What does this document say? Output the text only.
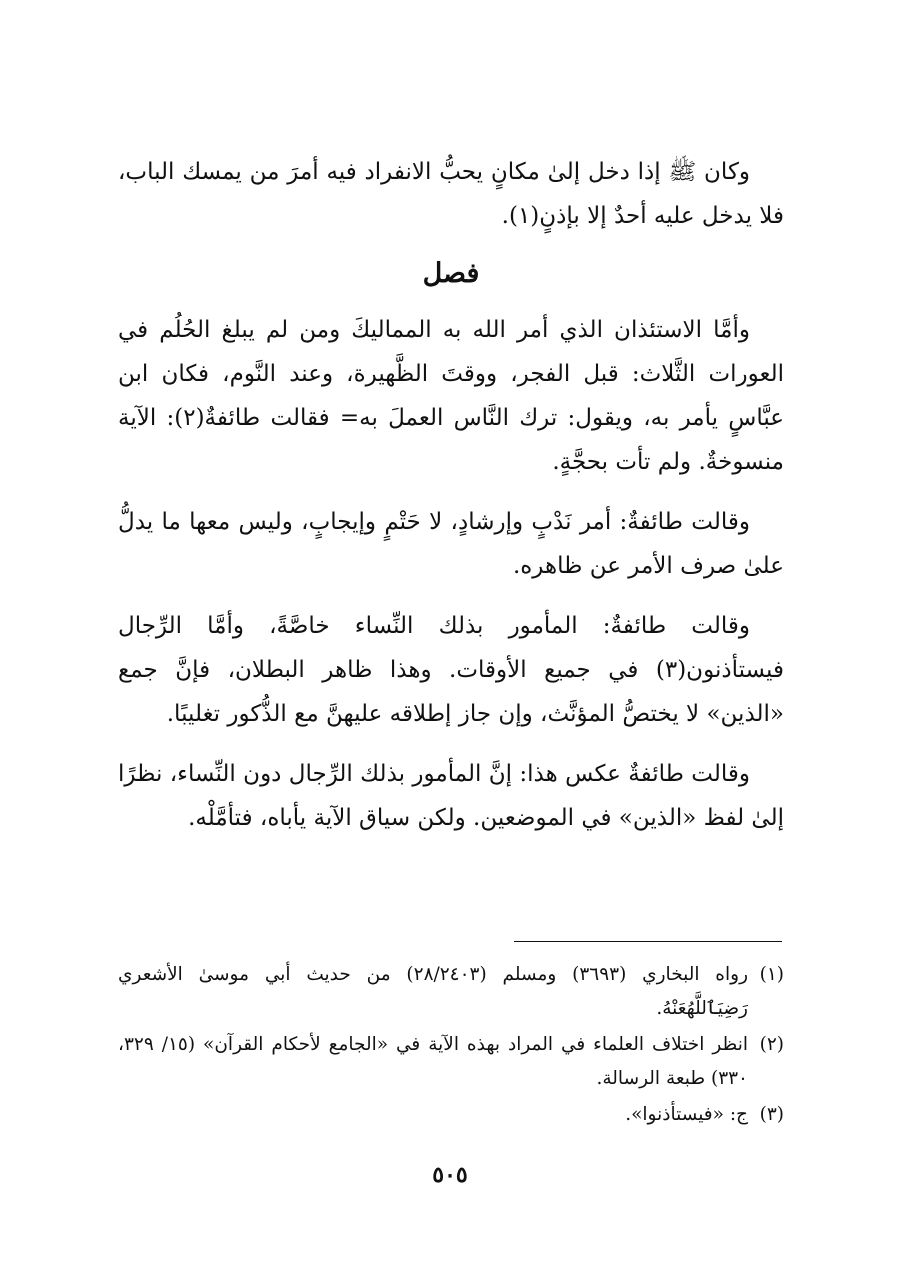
وكان ﷺ إذا دخل إلىٰ مكانٍ يحبُّ الانفراد فيه أمرَ من يمسك الباب، فلا يدخل عليه أحدٌ إلا بإذنٍ(١).

فصل

وأمَّا الاستئذان الذي أمر الله به المماليكَ ومن لم يبلغ الحُلُم في العورات الثَّلاث: قبل الفجر، ووقتَ الظَّهيرة، وعند النَّوم، فكان ابن عبَّاسٍ يأمر به، ويقول: ترك النَّاس العملَ به= فقالت طائفةٌ(٢): الآية منسوخةٌ. ولم تأت بحجَّةٍ.

وقالت طائفةٌ: أمر نَدْبٍ وإرشادٍ، لا حَتْمٍ وإيجابٍ، وليس معها ما يدلُّ علىٰ صرف الأمر عن ظاهره.

وقالت طائفةٌ: المأمور بذلك النِّساء خاصَّةً، وأمَّا الرِّجال فيستأذنون(٣) في جميع الأوقات. وهذا ظاهر البطلان، فإنَّ جمع «الذين» لا يختصُّ المؤنَّث، وإن جاز إطلاقه عليهنَّ مع الذُّكور تغليبًا.

وقالت طائفةٌ عكس هذا: إنَّ المأمور بذلك الرِّجال دون النِّساء، نظرًا إلىٰ لفظ «الذين» في الموضعين. ولكن سياق الآية يأباه، فتأمَّلْه.

(١)
رواه البخاري (٣٦٩٣) ومسلم (٢٨/٢٤٠٣) من حديث أبي موسىٰ الأشعري رَضِيَٱللَّهُعَنْهُ.
(٢)
انظر اختلاف العلماء في المراد بهذه الآية في «الجامع لأحكام القرآن» (١٥/ ٣٢٩، ٣٣٠) طبعة الرسالة.
(٣)
ج: «فيستأذنوا».
٥٠٥
